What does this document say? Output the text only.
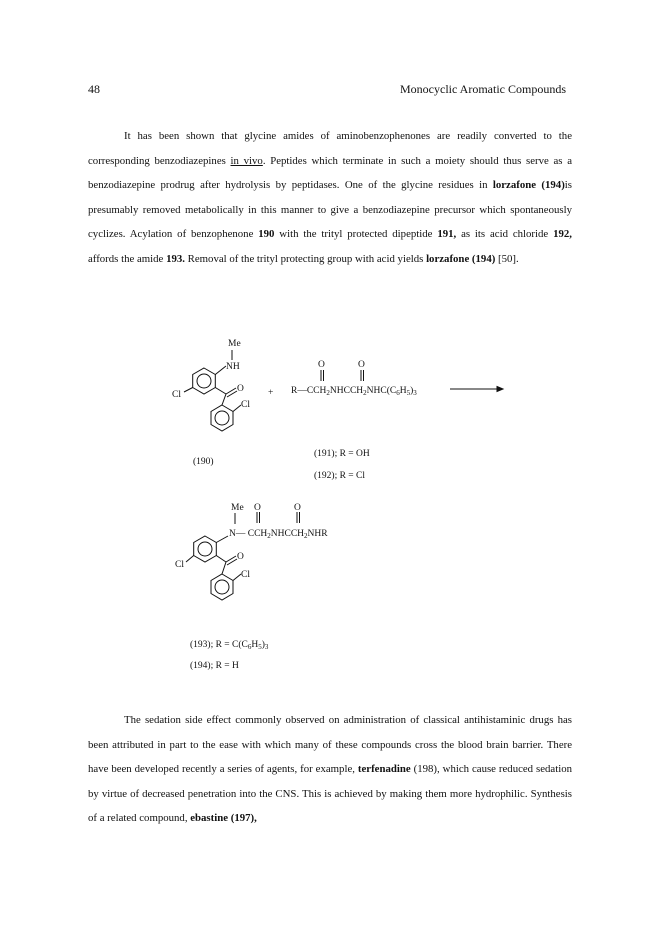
48	Monocyclic Aromatic Compounds

It has been shown that glycine amides of aminobenzophenones are readily converted to the corresponding benzodiazepines in vivo. Peptides which terminate in such a moiety should thus serve as a benzodiazepine prodrug after hydrolysis by peptidases. One of the glycine residues in lorzafone (194)is presumably removed metabolically in this manner to give a benzodiazepine precursor which spontaneously cyclizes. Acylation of benzophenone 190 with the trityl protected dipeptide 191, as its acid chloride 192, affords the amide 193. Removal of the trityl protecting group with acid yields lorzafone (194) [50].

Me
NH
O
Cl
Cl
+
O	O
$R—CCH_2NHCCH_2NHC(C_6H_5)_3$
(190)
(191); R = OH
(192); R = Cl
Me O	O
N— $CCH_2NHCCH_2NHR$
O
Cl
Cl
(193); $R = C(C_6H_5)_3$
(194); R = H

The sedation side effect commonly observed on administration of classical antihistaminic drugs has been attributed in part to the ease with which many of these compounds cross the blood brain barrier. There have been developed recently a series of agents, for example, terfenadine (198), which cause reduced sedation by virtue of decreased penetration into the CNS. This is achieved by making them more hydrophilic. Synthesis of a related compound, ebastine (197),
